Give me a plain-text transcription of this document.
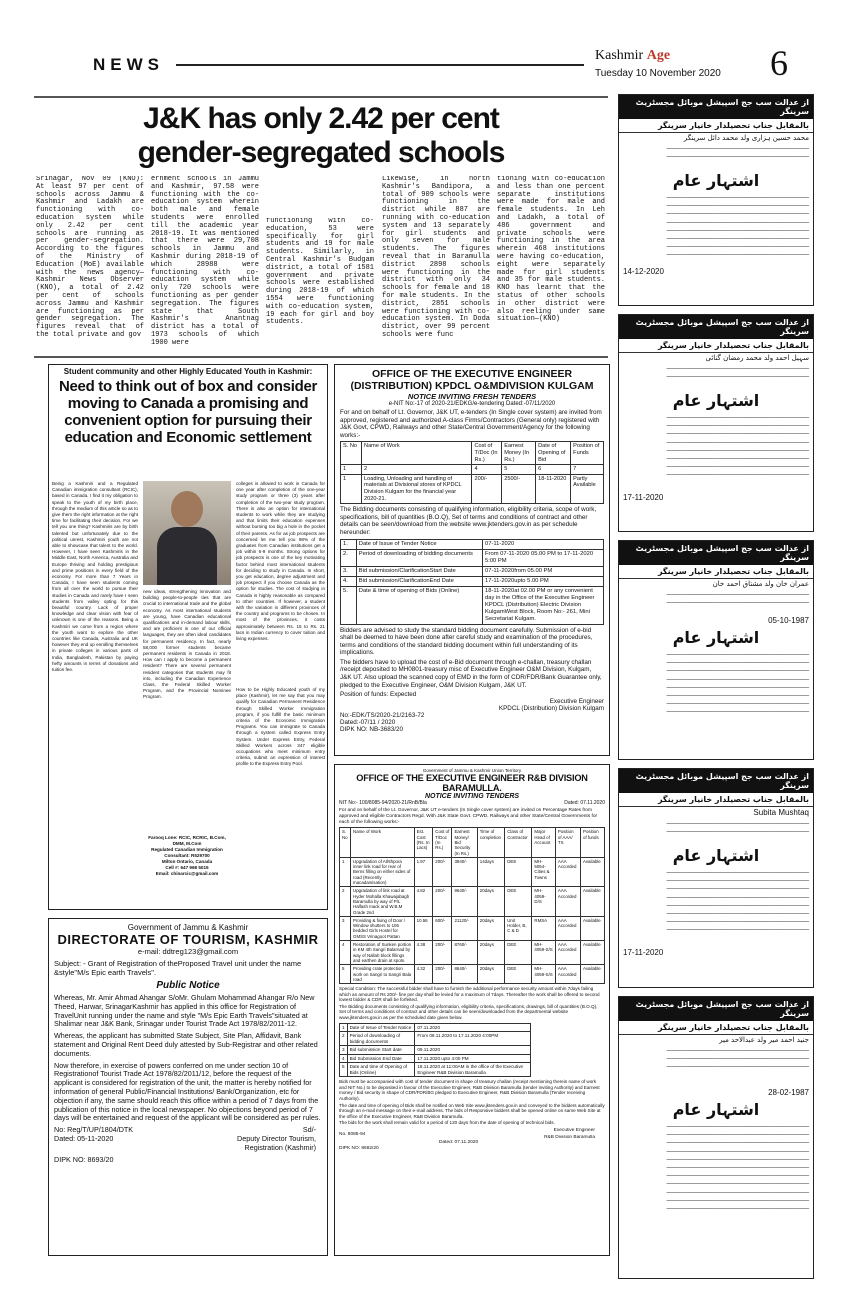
NEWS	Kashmir Age
Tuesday 10 November 2020 6
J&K has only 2.42 per cent
gender-segregated schools
Srinagar, Nov 09 (KNO): At least 97 per cent of schools across Jammu & Kashmir and Ladakh are functioning with co-education system while only 2.42 per cent schools are running as per gender-segregation. According to the figures of the Ministry of Education (MoE) available with the news agency—Kashmir News Observer (KNO), a total of 2.42 per cent of schools across Jammu and Kashmir are functioning as per gender segregation. The figures reveal that of the total private and gov
ernment schools in Jammu and Kashmir, 97.58 were functioning with the co-education system wherein both male and female students were enrolled till the academic year 2018-19. It was mentioned that there were 29,708 schools in Jammu and Kashmir during 2018-19 of which 28988 were functioning with co-education system while only 720 schools were functioning as per gender segregation. The figures state that South Kashmir's Anantnag district has a total of 1973 schools of which 1900 were
functioning with co-education, 53 were specifically for girl students and 19 for male students. Similarly, in Central Kashmir's Budgam district, a total of 1581 government and private schools were established during 2018-19 of which 1554 were functioning with co-education system, 19 each for girl and boy students.
Likewise, in north Kashmir's Bandipora, a total of 909 schools were functioning in the district while 887 are running with co-education system and 13 separately for girl students and only seven for male students. The figures reveal that in Baramulla district 2898 schools were functioning in the district with only 34 schools for female and 18 for male students. In the district, 2851 schools were functioning with co-education system. In Doda district, over 99 percent schools were func
tioning with co-education and less than one percent separate institutions were made for male and female students. In Leh and Ladakh, a total of 486 government and private schools were functioning in the area wherein 468 institutions were having co-education, eight were separately made for girl students and 35 for male students. KNO has learnt that the status of other schools in other district were also reeling under same situation—(KNO)
از عدالت سب جج اسپیشل موبائل مجسٹریٹ سرینگر
بالمقابل جناب تحصیلدار خانیار سرینگر
محمد حسین ہزاری ولد محمد دائل سرینگر
ـــــــــــــــــــــــــــــــــــــــــــــــــــــــــــــــــــــــــــــــــ
ـــــــــــــــــــــــــــــــــــــــــــــــــــــــــــــــــــــــــــــــــ
اشتہار عام
ـــــــــــــــــــــــــــــــــــــــــــــــــــــــــــــــــــــــــــــــــ ـــــــــــــــــــــــــــــــــــــــــــــــــــــــــــــــــــــــــــــــــ ـــــــــــــــــــــــــــــــــــــــــــــــــــــــــــــــــــــــــــــــــ ـــــــــــــــــــــــــــــــــــــــــــــــــــــــــــــــــــــــــــــــــ ـــــــــــــــــــــــــــــــــــــــــــــــــــــــــــــــــــــــــــــــــ ـــــــــــــــــــــــــــــــــــــــــــــــــــــــــــــــــــــــــــــــــ ـــــــــــــــــــــــــــــــــــــــــــــــــــــــــــــــــــــــــــــــــ ـــــــــــــــــــــــــــــــــــــــــــــــــــــــــــــــــــــــــــــــــ
14-12-2020
از عدالت سب جج اسپیشل موبائل مجسٹریٹ سرینگر
بالمقابل جناب تحصیلدار خانیار سرینگر
سہیل احمد ولد محمد رمضان گنائی
ـــــــــــــــــــــــــــــــــــــــــــــــــــــــــــــــــــــــــــــــــ
ـــــــــــــــــــــــــــــــــــــــــــــــــــــــــــــــــــــــــــــــــ
اشتہار عام
ـــــــــــــــــــــــــــــــــــــــــــــــــــــــــــــــــــــــــــــــــ ـــــــــــــــــــــــــــــــــــــــــــــــــــــــــــــــــــــــــــــــــ ـــــــــــــــــــــــــــــــــــــــــــــــــــــــــــــــــــــــــــــــــ ـــــــــــــــــــــــــــــــــــــــــــــــــــــــــــــــــــــــــــــــــ ـــــــــــــــــــــــــــــــــــــــــــــــــــــــــــــــــــــــــــــــــ ـــــــــــــــــــــــــــــــــــــــــــــــــــــــــــــــــــــــــــــــــ ـــــــــــــــــــــــــــــــــــــــــــــــــــــــــــــــــــــــــــــــــ ـــــــــــــــــــــــــــــــــــــــــــــــــــــــــــــــــــــــــــــــــ
17-11-2020
از عدالت سب جج اسپیشل موبائل مجسٹریٹ سرینگر
بالمقابل جناب تحصیلدار خانیار سرینگر
عمران خان ولد مشتاق احمد خان
ـــــــــــــــــــــــــــــــــــــــــــــــــــــــــــــــــــــــــــــــــ
ـــــــــــــــــــــــــــــــــــــــــــــــــــــــــــــــــــــــــــــــــ
05-10-1987
اشتہار عام
ـــــــــــــــــــــــــــــــــــــــــــــــــــــــــــــــــــــــــــــــــ ـــــــــــــــــــــــــــــــــــــــــــــــــــــــــــــــــــــــــــــــــ ـــــــــــــــــــــــــــــــــــــــــــــــــــــــــــــــــــــــــــــــــ ـــــــــــــــــــــــــــــــــــــــــــــــــــــــــــــــــــــــــــــــــ ـــــــــــــــــــــــــــــــــــــــــــــــــــــــــــــــــــــــــــــــــ ـــــــــــــــــــــــــــــــــــــــــــــــــــــــــــــــــــــــــــــــــ ـــــــــــــــــــــــــــــــــــــــــــــــــــــــــــــــــــــــــــــــــ ـــــــــــــــــــــــــــــــــــــــــــــــــــــــــــــــــــــــــــــــــ
از عدالت سب جج اسپیشل موبائل مجسٹریٹ سرینگر
بالمقابل جناب تحصیلدار خانیار سرینگر
Subita Mushtaq
ـــــــــــــــــــــــــــــــــــــــــــــــــــــــــــــــــــــــــــــــــ
ـــــــــــــــــــــــــــــــــــــــــــــــــــــــــــــــــــــــــــــــــ
اشتہار عام
ـــــــــــــــــــــــــــــــــــــــــــــــــــــــــــــــــــــــــــــــــ ـــــــــــــــــــــــــــــــــــــــــــــــــــــــــــــــــــــــــــــــــ ـــــــــــــــــــــــــــــــــــــــــــــــــــــــــــــــــــــــــــــــــ ـــــــــــــــــــــــــــــــــــــــــــــــــــــــــــــــــــــــــــــــــ ـــــــــــــــــــــــــــــــــــــــــــــــــــــــــــــــــــــــــــــــــ ـــــــــــــــــــــــــــــــــــــــــــــــــــــــــــــــــــــــــــــــــ ـــــــــــــــــــــــــــــــــــــــــــــــــــــــــــــــــــــــــــــــــ ـــــــــــــــــــــــــــــــــــــــــــــــــــــــــــــــــــــــــــــــــ
17-11-2020
از عدالت سب جج اسپیشل موبائل مجسٹریٹ سرینگر
بالمقابل جناب تحصیلدار خانیار سرینگر
جنید احمد میر ولد عبدالاحد میر
ـــــــــــــــــــــــــــــــــــــــــــــــــــــــــــــــــــــــــــــــــ
ـــــــــــــــــــــــــــــــــــــــــــــــــــــــــــــــــــــــــــــــــ
ـــــــــــــــــــــــــــــــــــــــــــــــــــــــــــــــــــــــــــــــــ
28-02-1987
اشتہار عام
ـــــــــــــــــــــــــــــــــــــــــــــــــــــــــــــــــــــــــــــــــ ـــــــــــــــــــــــــــــــــــــــــــــــــــــــــــــــــــــــــــــــــ ـــــــــــــــــــــــــــــــــــــــــــــــــــــــــــــــــــــــــــــــــ ـــــــــــــــــــــــــــــــــــــــــــــــــــــــــــــــــــــــــــــــــ ـــــــــــــــــــــــــــــــــــــــــــــــــــــــــــــــــــــــــــــــــ ـــــــــــــــــــــــــــــــــــــــــــــــــــــــــــــــــــــــــــــــــ ـــــــــــــــــــــــــــــــــــــــــــــــــــــــــــــــــــــــــــــــــ ـــــــــــــــــــــــــــــــــــــــــــــــــــــــــــــــــــــــــــــــــ ـــــــــــــــــــــــــــــــــــــــــــــــــــــــــــــــــــــــــــــــــ ـــــــــــــــــــــــــــــــــــــــــــــــــــــــــــــــــــــــــــــــــ ـــــــــــــــــــــــــــــــــــــــــــــــــــــــــــــــــــــــــــــــــ
Student community and other Highly Educated Youth in Kashmir:
Need to think out of box and consider moving to Canada a promising and convenient option for pursuing their education and Economic settlement
Being a Kashmiri and a Regulated Canadian immigration consultant (RCIC), based in Canada. I find it my obligation to speak to the youth of my birth place, through the medium of this article so as to give them the right information at the right time for facilitating their decision. For we tell you one thing? Kashmiris are by birth talented but unfortunately due to the political unrest, Kashmiri youth are not able to showcase that talent to the world. However, I have seen Kashmiris in the Middle East, North America, Australia and Europe thriving and holding prestigious and prime positions in every field of the economy. For more than 7 Years in Canada, I have seen students coming from all over the world to pursue their studies in Canada and rarely have I seen students from valley opting for this beautiful country. Lack of proper knowledge and clear vision with fear of unknown is one of the reasons. Being a Kashmiri we come from a region where the youth want to explore the other countries like Canada, Australia and UK however they end up enrolling themselves in private colleges in various parts of India, Bangladesh, Pakistan by paying hefty amounts in terms of donations and tuition fee.
new ideas, strengthening innovation and building people-to-people ties that are crucial to international trade and the global economy. As most international students are young, have Canadian educational qualifications and in-demand labour skills, and are proficient in one of our official languages, they are often ideal candidates for permanent residency. In fact, nearly 58,000 former students became permanent residents in Canada in 2018. How can I apply to become a permanent resident? There are several permanent resident categories that students may fit into, including the Canadian Experience Class, the Federal Skilled Worker Program, and the Provincial Nominee Program.
colleges is allowed to work in Canada for one year after completion of the one-year study program or three (3) years after completion of the two-year study program. There is also an option for international students to work while they are studying and that limits their education expenses without burning too big a hole in the pocket of their parents. As for as job prospects are concerned let me tell you 98% of the graduates from Canadian institutions get a job within 6-9 months. Strong options for job prospects is one of the key motivating factor behind most international students for deciding to study in Canada. In short, you get education, degree adjustment and job prospect if you choose Canada as the option for studies. The cost of studying in Canada is highly reasonable as compared to other countries. If however, a student with the variation in different provinces of the country and programs to be chosen. In most of the provinces, it costs approximately between Rs. 15 to Rs. 21 lacs in Indian currency to cover tuition and living expenses.
How to be Highly Educated youth of my place (Kashmir), let me say that you may qualify for Canadian Permanent Residence through Skilled Worker Immigration program, if you fulfill the basic minimum criteria of the Economic Immigration Programs. You can immigrate to Canada through a system called Express Entry System. Under Express Entry, Federal Skilled Workers across 347 eligible occupations who meet minimum entry criteria, submit an expression of interest profile to the Express Entry Pool.
Farooq Lone: RCIC, RCRIC, B.Com, DMM, M.Com
Regulated Canadian Immigration Consultant: R529700
Milton Ontario, Canada
Cell #: 647 968 5015
Email: chinarcic@gmail.com
Government of Jammu & Kashmir
DIRECTORATE OF TOURISM, KASHMIR
e-mail: ddtreg123@gmail.com
Subject: - Grant of Registration of theProposed Travel unit under the name &style"M/s Epic earth Travels".
Public Notice
Whereas, Mr. Amir Ahmad Ahangar S/oMr. Ghulam Mohammad Ahangar R/o New Theed, Harwar, SrinagarKashmir has applied in this office for Registration of TravelUnit running under the name and style "M/s Epic Earth Travels"situated at Shalimar near J&K Bank, Srinagar under Tourist Trade Act 1978/82/2011-12.
Whereas, the applicant has submitted State Subject, Site Plan, Affidavit, Bank statement and Original Rent Deed duly attested by Sub-Registrar and other related documents.
Now therefore, in exercise of powers conferred on me under section 10 of Registrationof Tourist Trade Act 1978/82/2011/12, before the request of the applicant is considered for registration of the unit, the matter is hereby notified for information of general Public/Financial Institutions/ Bank/Organization, etc for objection if any, the same should reach this office within a period of 7 days from the publication of this notice in the local newspaper. No objections beyond period of 7 days will be entertained and request of the applicant will be considered as per rules.
No: Reg/T/UP/1804/DTK
Dated: 05-11-2020
Sd/-
Deputy Director Tourism,
Registration (Kashmir)
DIPK NO: 8693/20
OFFICE OF THE EXECUTIVE ENGINEER
(DISTRIBUTION) KPDCL O&MDIVISION KULGAM
NOTICE INVITING FRESH TENDERS
e-NIT No:-17 of 2020-21/EDKG/e-tendering Dated:-07/11/2020
For and on behalf of Lt. Governor, J&K UT, e-tenders (In Single cover system) are invited from approved, registered and authorized A-class Firms/Contractors (General only) registered with J&K Govt, CPWD, Railways and other State/Central Government/Agency for the following works:-
S. No	Name of Work	Cost of T/Doc (In Rs.)	Earnest Money (In Rs.)	Date of Opening of Bid	Position of Funds
1	2	4	5	6	7
1	Loading, Unloading and handling of materials at Divisional stores of KPDCL Division Kulgam for the financial year 2020-21.	200/-	2500/-	18-11-2020	Partly Available
The Bidding documents consisting of qualifying information, eligibility criteria, scope of work, specifications, bill of quantities (B.O.Q), Set of terms and conditions of contract and other details can be seen/download from the website www.jktenders.gov.in as per schedule hereunder:
1.	Date of Issue of Tender Notice	07-11-2020
2.	Period of downloading of bidding documents	From 07-11-2020 05.00 PM to 17-11-2020 5:00 PM
3.	Bid submission/ClarificationStart Date	07-11-2020from 05.00 PM
4.	Bid submission/ClarificationEnd Date	17-11-2020upto 5.00 PM
5.	Date & time of opening of Bids (Online)	18-11-2020at 02.00 PM or any convenient day in the Office of the Executive Engineer KPDCL (Distribution) Electric Division KulgamWest Block, Room No:- 261, Mini Secretariat Kulgam.
Bidders are advised to study the standard bidding document carefully. Submission of e-bid shall be deemed to have been done after careful study and examination of the procedures, terms and conditions of the standard bidding document within full understanding of its implications.
The bidders have to upload the cost of e-Bid document through e-challan, treasury challan /receipt deposited to MH0801-treasury misc of Executive Engineer O&M Division, Kulgam, J&K UT. Also upload the scanned copy of EMD in the form of CDR/FDR/Bank Guarantee only, pledged to the Executive Engineer, O&M Division Kulgam, J&K UT.
Position of funds: Expected
Executive Engineer
KPDCL (Distribution) Division Kulgam
No:-EDK/TS/2020-21/2163-72
Dated:-07/11 / 2020
DIPK NO: NB-3683/20
Government of Jammu & Kashmir Union Territory
OFFICE OF THE EXECUTIVE ENGINEER R&B DIVISION BARAMULLA.
NOTICE INVITING TENDERS
NIT No:- 100/8085-94/2020-21/RnB/Bla	Dated: 07.11.2020
For and on behalf of the Lt. Governor, J&K UT e-tenders (In Single cover system) are invited on Percentage Rates from approved and eligible Contractors Regd. With J&K State Govt. CPWD, Railways and other State/Central Governments for each of the following works:-
S. No	Name of Work	Est. Cost (Rs. In Lacs)	Cost of T/Doc (In Rs.)	Earnest Money/ Bid Security (In Rs.)	Time of completion	Class of Contractor	Major Head of Account	Position of AAA/ TS	Position of funds
1	Upgradation of Aththpora inner link road for rear of Berns filling on either sides of road (Recently macadamisation)	1.97	200/-	3940/-	14days	DEE	MH-5054-Cities & Towns	AAA Accorded	Available
2	Upgradation of link road at Hyder Mohalla Khawajabagh Baramulla by way of P/L Halfash mack and W.B.M Grade 2nd	4.82	200/-	9640/-	20days	DEE	MH-4059-D/S	AAA Accorded	Available
3	Providing & fixing of Door / Window shutters to 106 bedded Girls Hostel for GMSS Vrinagoot Pattan	10.56	600/-	21120/-	20days	Unit Holder, B, C & D	RMSA	AAA Accorded	Available
4	Restoration of Sunken portion in KM 4th Sangri Balarnad by way of Nallah block fillings and earthen drain at spots.	4.38	200/-	8760/-	20days	DEE	MH-4059-S/S	AAA Accorded	Available
5	Providing crate protection work on Sangri to Sangri Bala road	4.32	200/-	8640/-	20days	DEE	MH-4059-S/S	AAA Accorded	Available
Special Condition: The successful bidder shall have to furnish the additional performance security amount within 7days failing which an amount of Rs 200/- fine per day shall be levied for a maximum of 7days. Thereafter the work shall be offered to second lowest bidder & CDR shall be forfeited.
The Bidding documents consisting of qualifying information, eligibility criteria, specifications, drawings, bill of quantities (B.O.Q), Set of terms and conditions of contract and other details can be seen/downloaded from the departmental website www.jktenders.gov.in as per the scheduled date given below.
1	Date of Issue of Tender Notice	07.11.2020
2	Period of downloading of bidding documents	From 09.11.2020 to 17.11.2020 4:00PM
3	Bid submission Start date	09.11.2020
4	Bid Submission End Date	17.11.2020 upto 4:00 PM
5	Date and time of Opening of Bids (Online)	18.11.2020 at 11:00AM in the office of the Executive Engineer R&B Division Baramulla
Bids must be accompanied with cost of tender document in shape of treasury challan (receipt mentioning therein name of work and NIT No.) to be deposited in favour of the Executive Engineer, R&B Division Baramulla (tender inviting Authority) and Earnest money / Bid security in shape of CDR/FDR/BG pledged to Executive Engineer, R&B Division Baramulla (Tender receiving Authority).
The date and time of opening of Bids shall be notified on Web Site www.jktenders.gov.in and conveyed to the bidders automatically through an e-mail message on their e-mail address. The bids of Responsive bidders shall be opened online on same Web Site at the office of the Executive Engineer, R&B Division Baramulla.
The bids for the work shall remain valid for a period of 120 days from the date of opening of technical bids.
No. 8085-94
Executive Engineer
Dated: 07.11.2020
R&B Division Baramulla
DIPK NO: 8682/20
